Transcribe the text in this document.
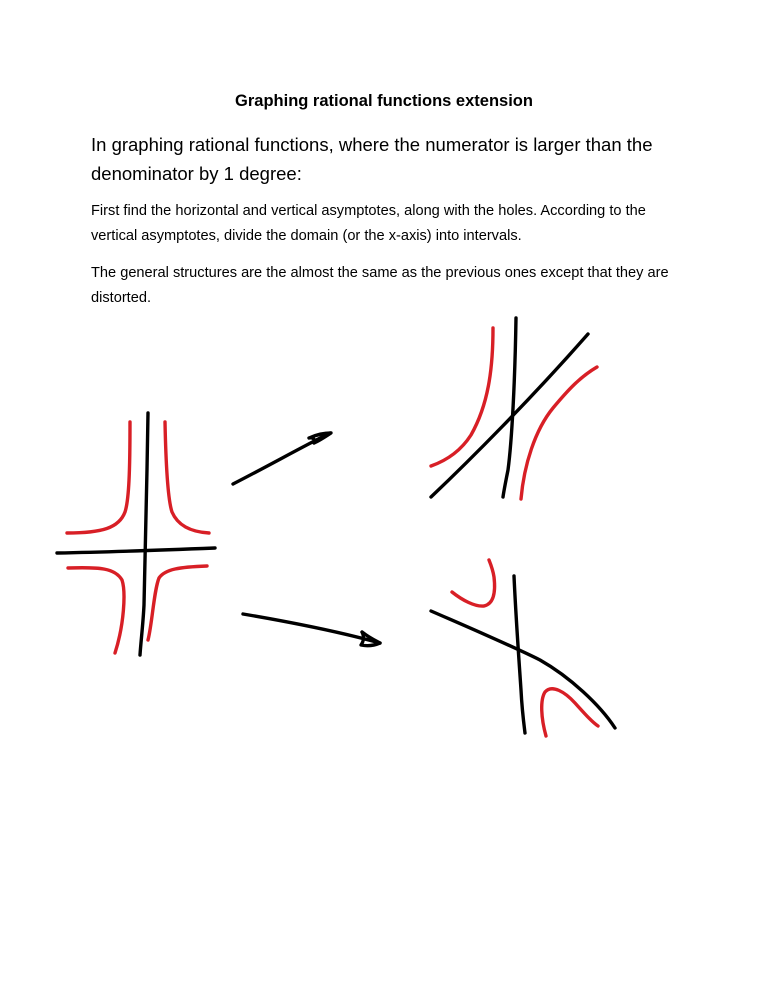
Graphing rational functions extension
In graphing rational functions, where the numerator is larger than the denominator by 1 degree:
First find the horizontal and vertical asymptotes, along with the holes. According to the vertical asymptotes, divide the domain (or the x-axis) into intervals.
The general structures are the almost the same as the previous ones except that they are distorted.
